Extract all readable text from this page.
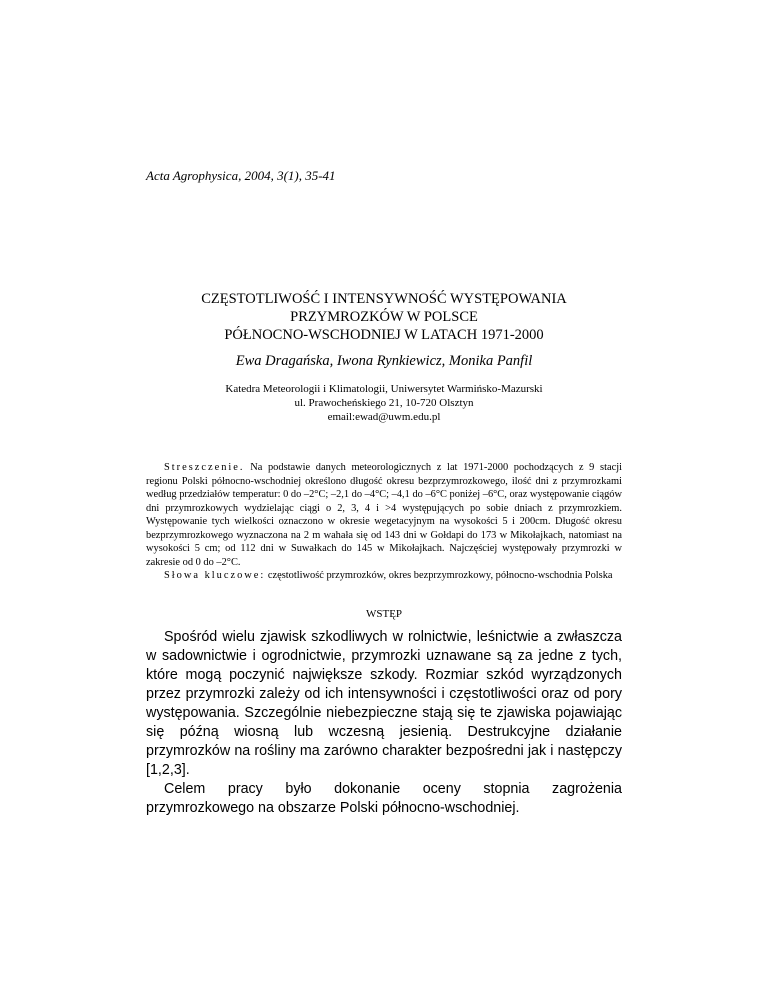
Acta Agrophysica, 2004, 3(1), 35-41

CZĘSTOTLIWOŚĆ I INTENSYWNOŚĆ WYSTĘPOWANIA
PRZYMROZKÓW W POLSCE
PÓŁNOCNO-WSCHODNIEJ W LATACH 1971-2000

Ewa Dragańska, Iwona Rynkiewicz, Monika Panfil

Katedra Meteorologii i Klimatologii, Uniwersytet Warmińsko-Mazurski
ul. Prawocheńskiego 21, 10-720 Olsztyn
email:ewad@uwm.edu.pl

Streszczenie. Na podstawie danych meteorologicznych z lat 1971-2000 pochodzących z 9 stacji regionu Polski północno-wschodniej określono długość okresu bezprzymrozkowego, ilość dni z przymrozkami według przedziałów temperatur: 0 do –2°C; –2,1 do –4°C; –4,1 do –6°C poniżej –6°C, oraz występowanie ciągów dni przymrozkowych wydzielając ciągi o 2, 3, 4 i >4 występujących po sobie dniach z przymrozkiem. Występowanie tych wielkości oznaczono w okresie wegetacyjnym na wysokości 5 i 200cm. Długość okresu bezprzymrozkowego wyznaczona na 2 m wahała się od 143 dni w Gołdapi do 173 w Mikołajkach, natomiast na wysokości 5 cm; od 112 dni w Suwałkach do 145 w Mikołajkach. Najczęściej występowały przymrozki w zakresie od 0 do –2°C.

Słowa kluczowe: częstotliwość przymrozków, okres bezprzymrozkowy, północno-wschodnia Polska

WSTĘP

Spośród wielu zjawisk szkodliwych w rolnictwie, leśnictwie a zwłaszcza w sadownictwie i ogrodnictwie, przymrozki uznawane są za jedne z tych, które mogą poczynić największe szkody. Rozmiar szkód wyrządzonych przez przymrozki zależy od ich intensywności i częstotliwości oraz od pory występowania. Szczególnie niebezpieczne stają się te zjawiska pojawiając się późną wiosną lub wczesną jesienią. Destrukcyjne działanie przymrozków na rośliny ma zarówno charakter bezpośredni jak i następczy [1,2,3].

Celem pracy było dokonanie oceny stopnia zagrożenia przymrozkowego na obszarze Polski północno-wschodniej.
